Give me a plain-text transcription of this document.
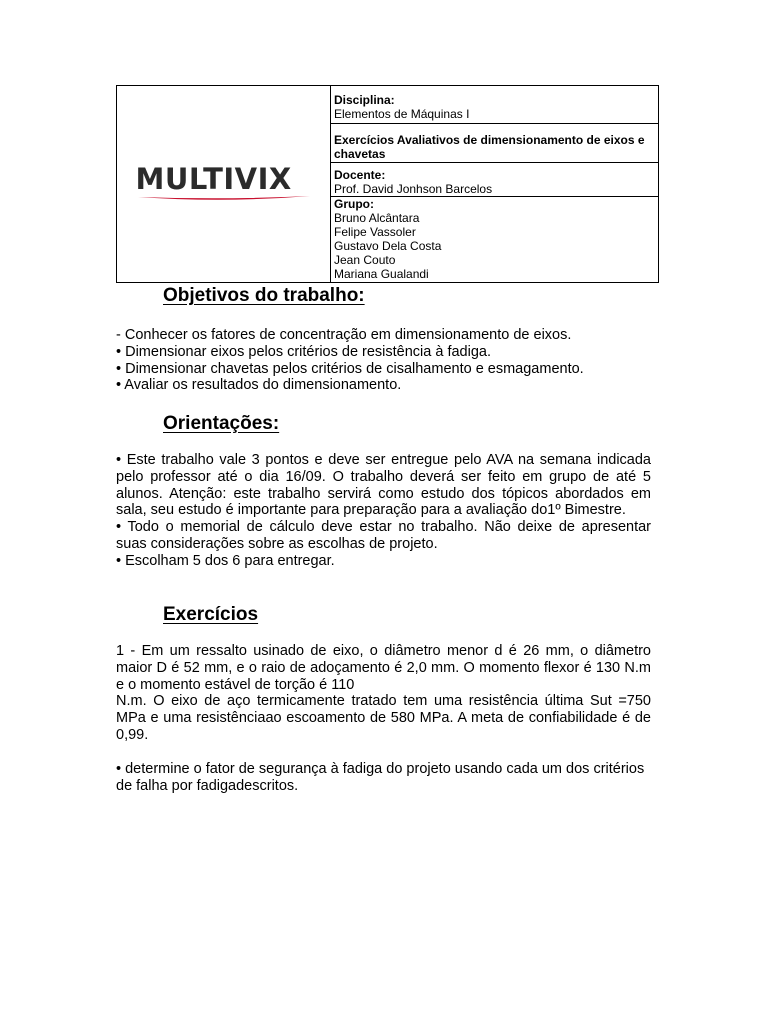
MULTIVIX
Disciplina:
Elementos de Máquinas I
Exercícios Avaliativos de dimensionamento de eixos e chavetas
Docente:
Prof. David Jonhson Barcelos
Grupo:
Bruno Alcântara
Felipe Vassoler
Gustavo Dela Costa
Jean Couto
Mariana Gualandi
Objetivos do trabalho:

- Conhecer os fatores de concentração em dimensionamento de eixos.

• Dimensionar eixos pelos critérios de resistência à fadiga.

• Dimensionar chavetas pelos critérios de cisalhamento e esmagamento.

• Avaliar os resultados do dimensionamento.

Orientações:

• Este trabalho vale 3 pontos e deve ser entregue pelo AVA na semana indicada pelo professor até o dia 16/09. O trabalho deverá ser feito em grupo de até 5 alunos. Atenção: este trabalho servirá como estudo dos tópicos abordados em sala, seu estudo é importante para preparação para a avaliação do1º Bimestre.

• Todo o memorial de cálculo deve estar no trabalho. Não deixe de apresentar suas considerações sobre as escolhas de projeto.

• Escolham 5 dos 6 para entregar.

Exercícios

1 - Em um ressalto usinado de eixo, o diâmetro menor d é 26 mm, o diâmetro maior D é 52 mm, e o raio de adoçamento é 2,0 mm. O momento flexor é 130 N.m e o momento estável de torção é 110

N.m. O eixo de aço termicamente tratado tem uma resistência última Sut =750 MPa e uma resistênciaao escoamento de 580 MPa. A meta de confiabilidade é de 0,99.

• determine o fator de segurança à fadiga do projeto usando cada um dos critérios de falha por fadigadescritos.
